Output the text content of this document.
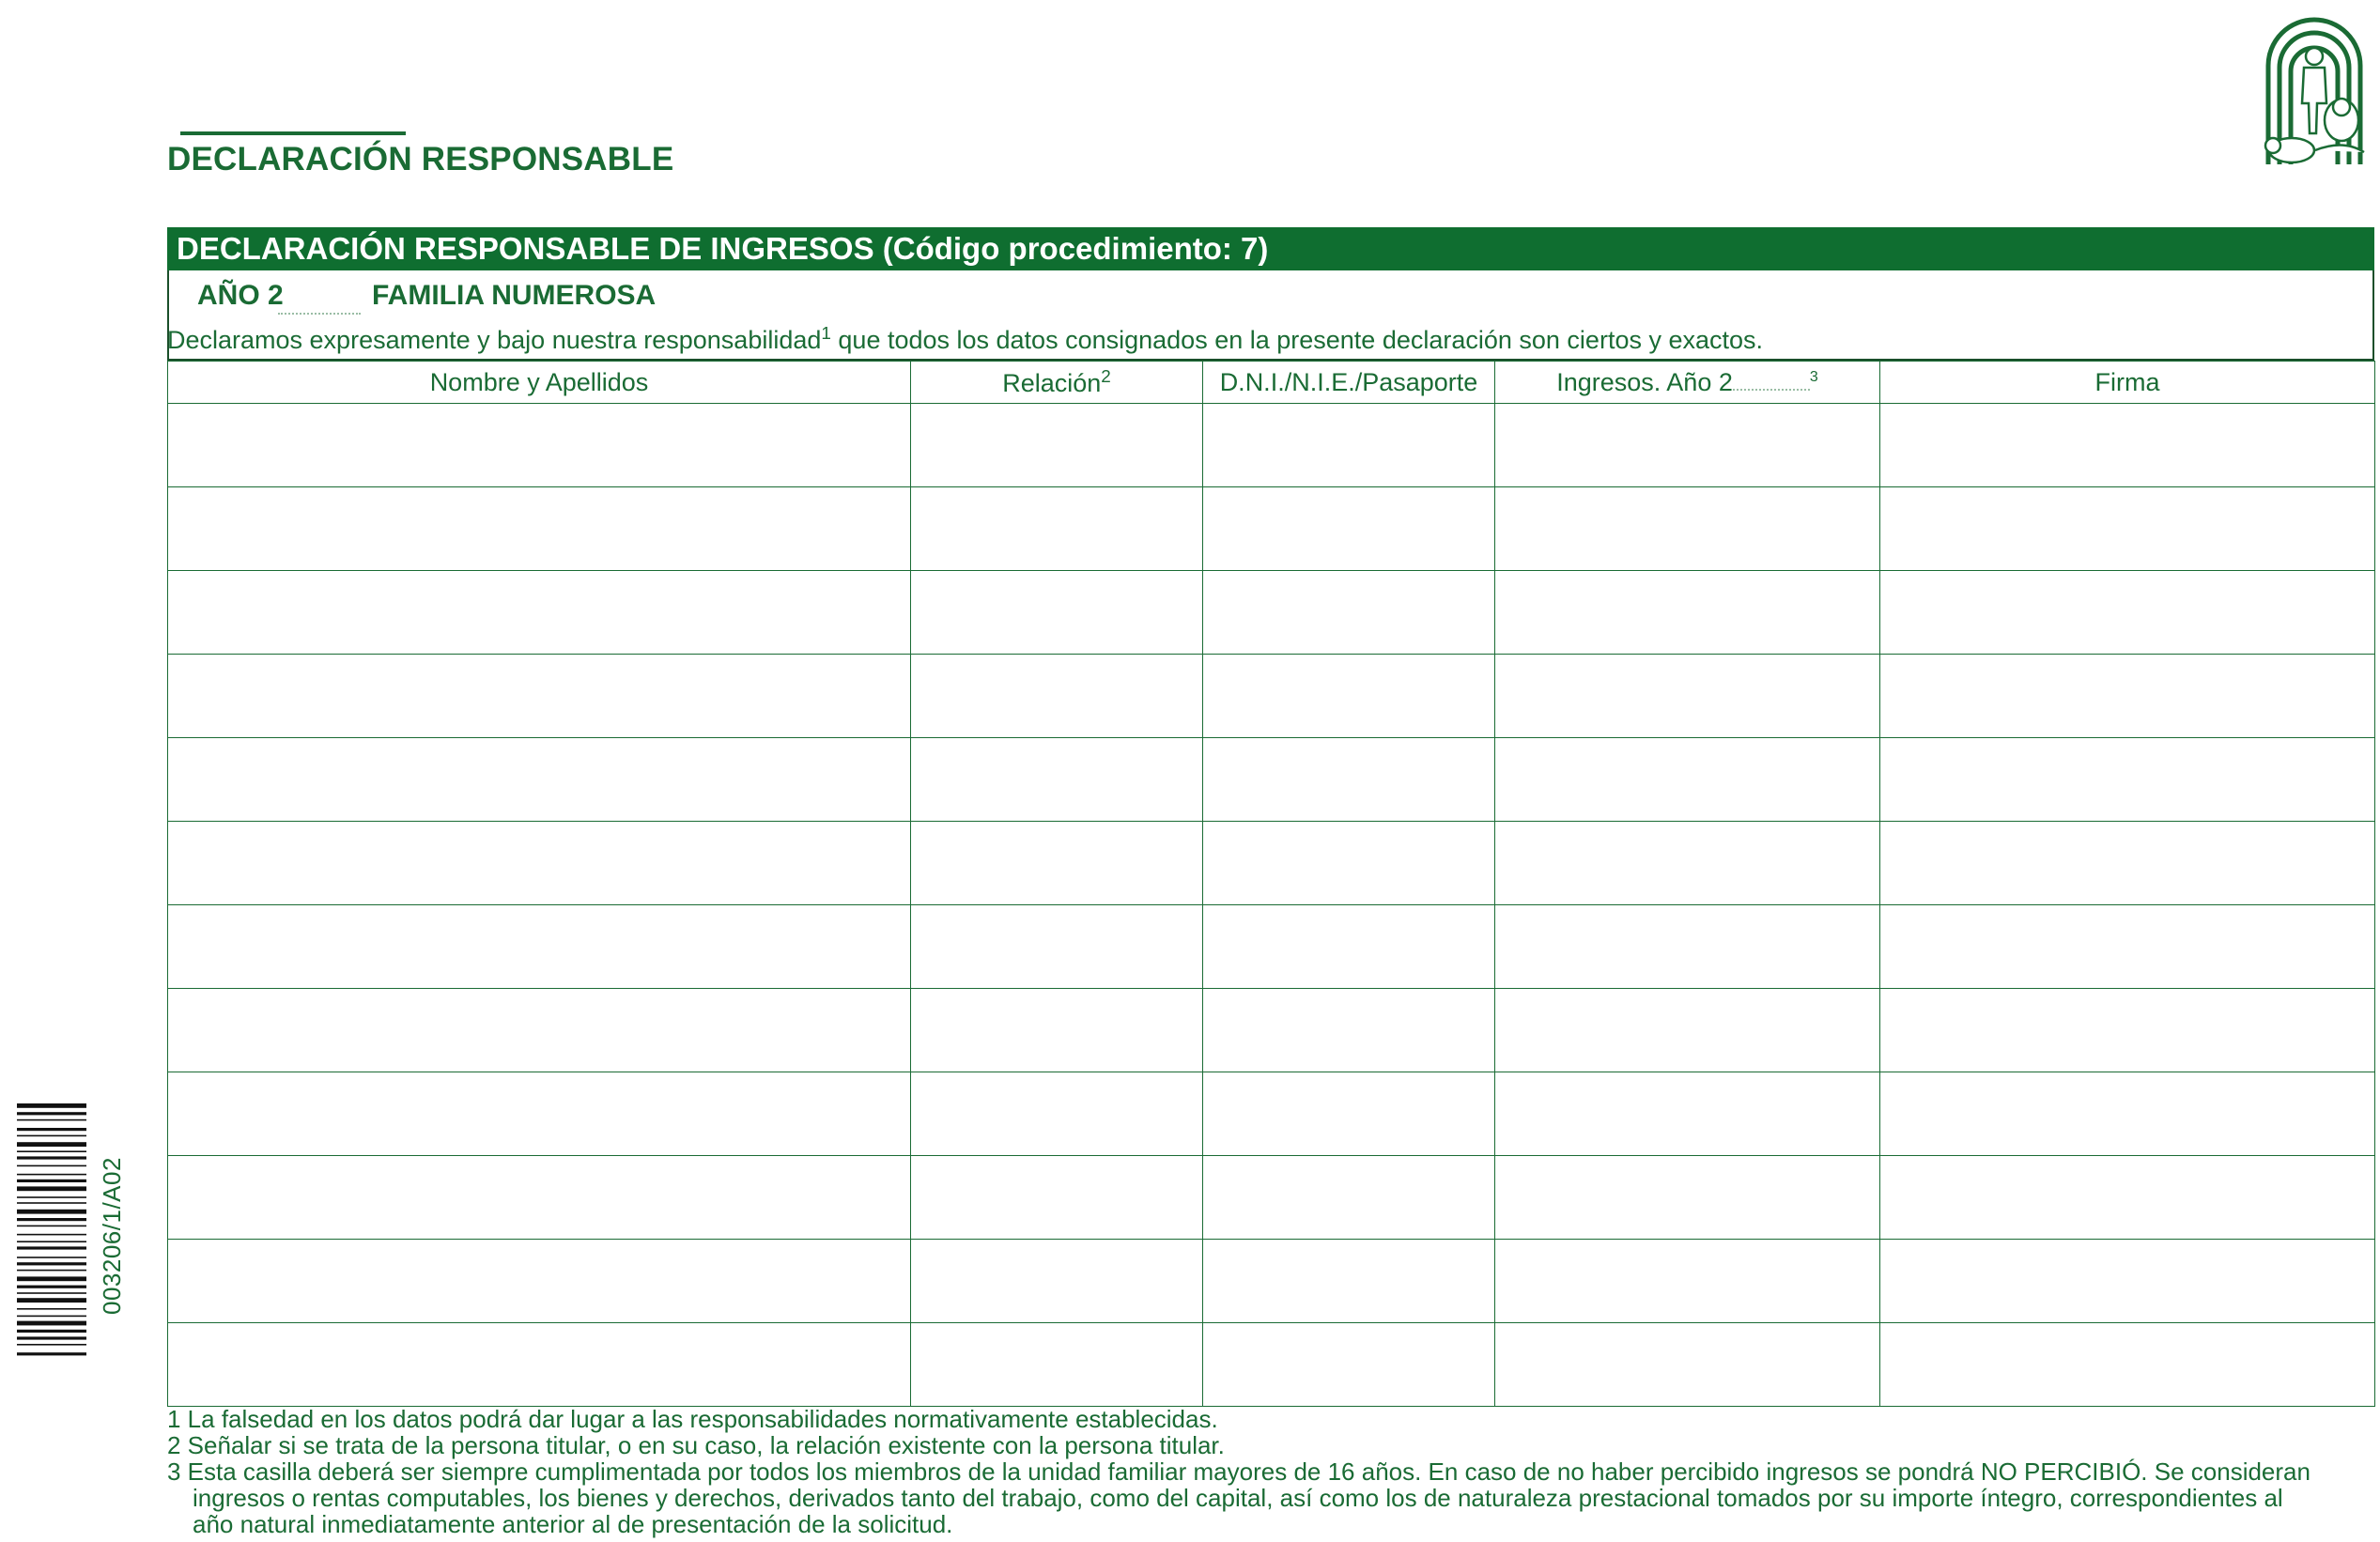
DECLARACIÓN RESPONSABLE
DECLARACIÓN RESPONSABLE DE INGRESOS (Código procedimiento: 7)
AÑO 2	FAMILIA NUMEROSA
Declaramos expresamente y bajo nuestra responsabilidad$^1$ que todos los datos consignados en la presente declaración son ciertos y exactos.
Nombre y Apellidos	Relación$^2$	D.N.I./N.I.E./Pasaporte	Ingresos. Año 2 $^3$	Firma

1 La falsedad en los datos podrá dar lugar a las responsabilidades normativamente establecidas.
2 Señalar si se trata de la persona titular, o en su caso, la relación existente con la persona titular.
3 Esta casilla deberá ser siempre cumplimentada por todos los miembros de la unidad familiar mayores de 16 años. En caso de no haber percibido ingresos se pondrá NO PERCIBIÓ. Se consideran
ingresos o rentas computables, los bienes y derechos, derivados tanto del trabajo, como del capital, así como los de naturaleza prestacional tomados por su importe íntegro, correspondientes al
año natural inmediatamente anterior al de presentación de la solicitud.
003206/1/A02
